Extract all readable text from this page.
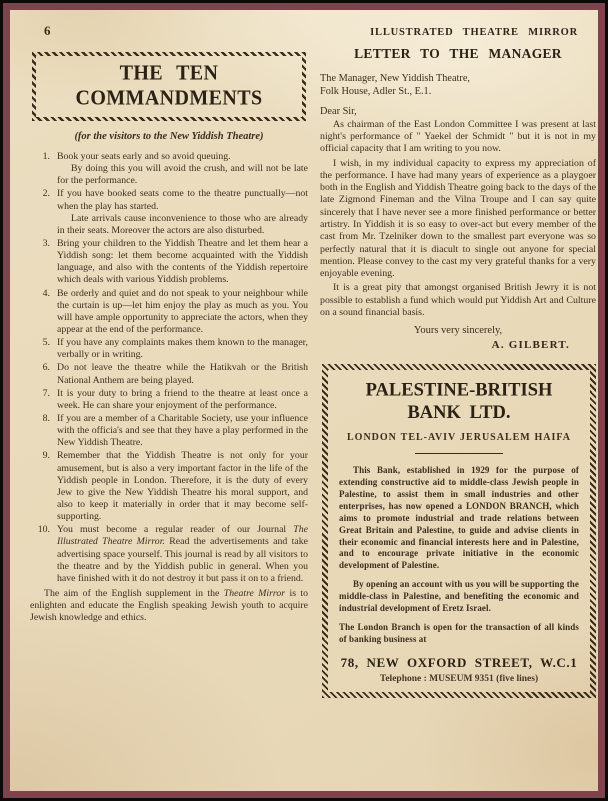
6	ILLUSTRATED THEATRE MIRROR
THE TEN COMMANDMENTS

(for the visitors to the New Yiddish Theatre)

1. Book your seats early and so avoid queuing.

By doing this you will avoid the crush, and will not be late for the performance.

2. If you have booked seats come to the theatre punctually—not when the play has started.

Late arrivals cause inconvenience to those who are already in their seats. Moreover the actors are also disturbed.

3. Bring your children to the Yiddish Theatre and let them hear a Yiddish song: let them become acquainted with the Yiddish language, and also with the contents of the Yiddish repertoire which deals with various Yiddish problems.

4. Be orderly and quiet and do not speak to your neighbour while the curtain is up—let him enjoy the play as much as you. You will have ample opportunity to appreciate the actors, when they appear at the end of the performance.

5. If you have any complaints makes them known to the manager, verbally or in writing.

6. Do not leave the theatre while the Hatikvah or the British National Anthem are being played.

7. It is your duty to bring a friend to the theatre at least once a week. He can share your enjoyment of the performance.

8. If you are a member of a Charitable Society, use your influence with the officia's and see that they have a play performed in the New Yiddish Theatre.

9. Remember that the Yiddish Theatre is not only for your amusement, but is also a very important factor in the life of the Yiddish people in London. Therefore, it is the duty of every Jew to give the New Yiddish Theatre his moral support, and also to keep it materially in order that it may become self-supporting.

10. You must become a regular reader of our Journal The Illustrated Theatre Mirror. Read the advertisements and take advertising space yourself. This journal is read by all visitors to the theatre and by the Yiddish public in general. When you have finished with it do not destroy it but pass it on to a friend.

The aim of the English supplement in the Theatre Mirror is to enlighten and educate the English speaking Jewish youth to acquire Jewish knowledge and ethics.

LETTER TO THE MANAGER

The Manager, New Yiddish Theatre,

Folk House, Adler St., E.1.

Dear Sir,

As chairman of the East London Committee I was present at last night's performance of " Yaekel der Schmidt " but it is not in my official capacity that I am writing to you now.

I wish, in my individual capacity to express my appreciation of the performance. I have had many years of experience as a playgoer both in the English and Yiddish Theatre going back to the days of the late Zigmond Fineman and the Vilna Troupe and I can say quite sincerely that I have never see a more finished performance or better artistry. In Yiddish it is so easy to over-act but every member of the cast from Mr. Tzelniker down to the smallest part everyone was so perfectly natural that it is diacult to single out anyone for special mention. Please convey to the cast my very grateful thanks for a very enjoyable evening.

It is a great pity that amongst organised British Jewry it is not possible to establish a fund which would put Yiddish Art and Culture on a sound financial basis.

Yours very sincerely,

A. GILBERT.

PALESTINE-BRITISH BANK LTD.
LONDON TEL-AVIV JERUSALEM HAIFA

This Bank, established in 1929 for the purpose of extending constructive aid to middle-class Jewish people in Palestine, to assist them in small industries and other enterprises, has now opened a LONDON BRANCH, which aims to promote industrial and trade relations between Great Britain and Palestine, to guide and advise clients in their economic and financial interests here and in Palestine, and to encourage private initiative in the economic development of Palestine.

By opening an account with us you will be supporting the middle-class in Palestine, and benefiting the economic and industrial development of Eretz Israel.

The London Branch is open for the transaction of all kinds of banking business at

78, NEW OXFORD STREET, W.C.1

Telephone : MUSEUM 9351 (five lines)
